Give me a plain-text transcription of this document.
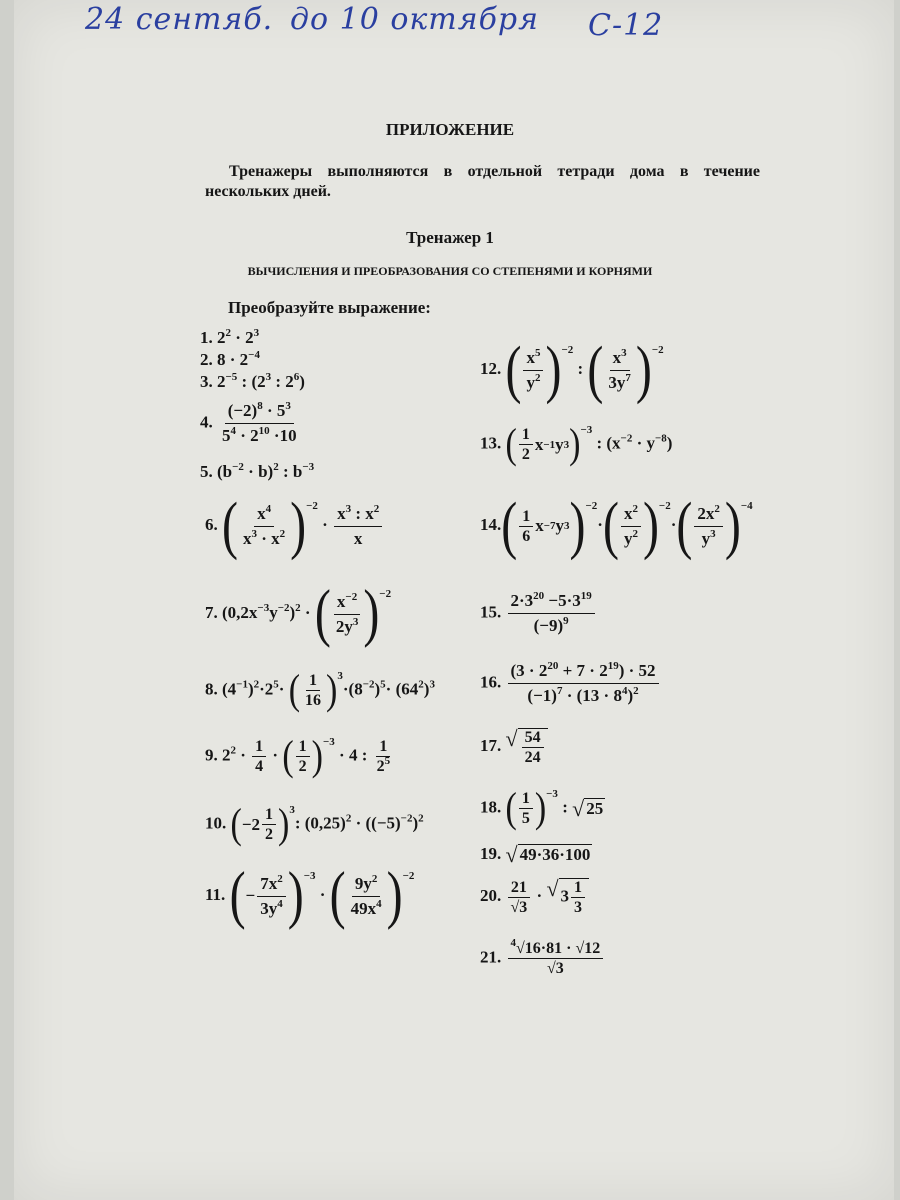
24 сентяб. до 10 октября С-12
ПРИЛОЖЕНИЕ
Тренажеры выполняются в отдельной тетради дома в течение нескольких дней.
Тренажер 1
ВЫЧИСЛЕНИЯ И ПРЕОБРАЗОВАНИЯ СО СТЕПЕНЯМИ И КОРНЯМИ
Преобразуйте выражение:
1. $2^2 \cdot 2^3$
2. $8 \cdot 2^{-4}$
3. $2^{-5}$ : ($2^3$ : $2^6$)
4. $\frac{(-2)^8 \cdot 5^3}{5^4 \cdot 2^{10} \cdot 10}$
5. $(b^{-2} \cdot b)^2$ : $b^{-3}$
6. ( $\frac{x^4}{x^3 \cdot x^2}$ ) −2
· $\frac{x^3 : x^2}{x}$
7. $(0,2x^{-3}y^{-2})^2$ · ( $\frac{x^{-2}}{2y^3}$ ) −2
8. $(4^{-1})^2\cdot 2^5\cdot$ ( $\frac{1}{16}$ ) 3
$\cdot(8^{-2})^5\cdot (64^2)^3$
9. $2^2 \cdot \frac{1}{4}$ · ( $\frac{1}{2}$ ) −3
· 4 : $\frac{1}{2^5}$
10. ( $-2 \frac{1}{2}$ ) 3
: $(0,25)^2 \cdot ((-5)^{-2})^2$
11. ( − $\frac{7x^2}{3y^4}$ ) −3
· ( $\frac{9y^2}{49x^4}$ ) −2
12. ( $\frac{x^5}{y^2}$ ) −2
: ( $\frac{x^3}{3y^7}$ ) −2
13. ( $\frac{1}{2}$ x −1 y 3 ) −3
: $(x^{-2} \cdot y^{-8})$
14. ( $\frac{1}{6}$ x −7 y 3 ) −2
· ( $\frac{x^2}{y^2}$ ) −2
· ( $\frac{2x^2}{y^3}$ ) −4
15. $\frac{2\cdot 3^{20} -5\cdot 3^{19}}{(-9)^9}$
16. $\frac{(3 \cdot 2^{20} + 7 \cdot 2^{19}) \cdot 52}{(-1)^7 \cdot (13 \cdot 8^4)^2}$
17. √ $\frac{54}{24}$
18. ( $\frac{1}{5}$ ) −3
: √ 25
19. √ 49·36·100
20. $\frac{21}{√3}$ · √ $3 \frac{1}{3}$
21. $\frac{^4√16\cdot 81 \cdot √12}{√3}$
